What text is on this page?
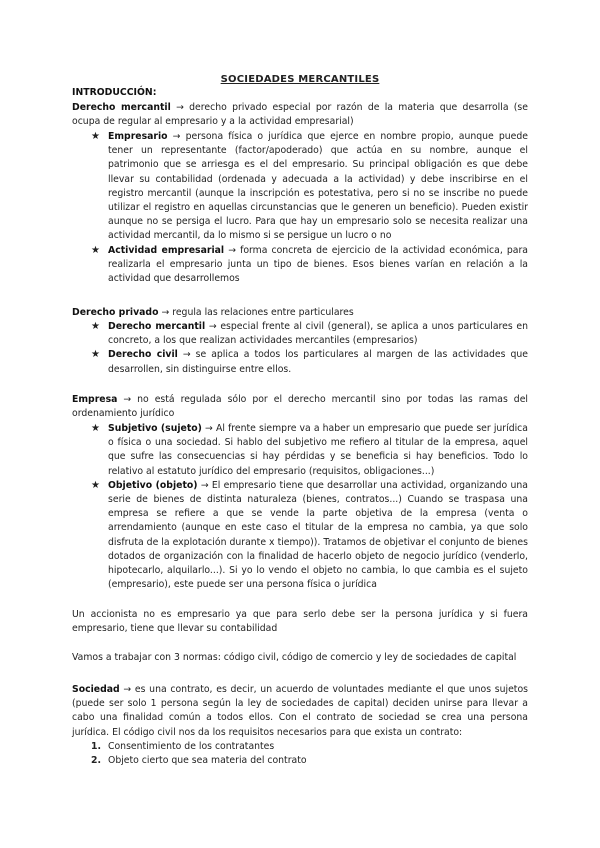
SOCIEDADES MERCANTILES
INTRODUCCIÓN:
Derecho mercantil → derecho privado especial por razón de la materia que desarrolla (se ocupa de regular al empresario y a la actividad empresarial)
★ Empresario → persona física o jurídica que ejerce en nombre propio, aunque puede tener un representante (factor/apoderado) que actúa en su nombre, aunque el patrimonio que se arriesga es el del empresario. Su principal obligación es que debe llevar su contabilidad (ordenada y adecuada a la actividad) y debe inscribirse en el registro mercantil (aunque la inscripción es potestativa, pero si no se inscribe no puede utilizar el registro en aquellas circunstancias que le generen un beneficio). Pueden existir aunque no se persiga el lucro. Para que hay un empresario solo se necesita realizar una actividad mercantil, da lo mismo si se persigue un lucro o no
★ Actividad empresarial → forma concreta de ejercicio de la actividad económica, para realizarla el empresario junta un tipo de bienes. Esos bienes varían en relación a la actividad que desarrollemos
Derecho privado → regula las relaciones entre particulares
★ Derecho mercantil → especial frente al civil (general), se aplica a unos particulares en concreto, a los que realizan actividades mercantiles (empresarios)
★ Derecho civil → se aplica a todos los particulares al margen de las actividades que desarrollen, sin distinguirse entre ellos.
Empresa → no está regulada sólo por el derecho mercantil sino por todas las ramas del ordenamiento jurídico
★ Subjetivo (sujeto) → Al frente siempre va a haber un empresario que puede ser jurídica o física o una sociedad. Si hablo del subjetivo me refiero al titular de la empresa, aquel que sufre las consecuencias si hay pérdidas y se beneficia si hay beneficios. Todo lo relativo al estatuto jurídico del empresario (requisitos, obligaciones...)
★ Objetivo (objeto) → El empresario tiene que desarrollar una actividad, organizando una serie de bienes de distinta naturaleza (bienes, contratos...) Cuando se traspasa una empresa se refiere a que se vende la parte objetiva de la empresa (venta o arrendamiento (aunque en este caso el titular de la empresa no cambia, ya que solo disfruta de la explotación durante x tiempo)). Tratamos de objetivar el conjunto de bienes dotados de organización con la finalidad de hacerlo objeto de negocio jurídico (venderlo, hipotecarlo, alquilarlo...). Si yo lo vendo el objeto no cambia, lo que cambia es el sujeto (empresario), este puede ser una persona física o jurídica
Un accionista no es empresario ya que para serlo debe ser la persona jurídica y si fuera empresario, tiene que llevar su contabilidad
Vamos a trabajar con 3 normas: código civil, código de comercio y ley de sociedades de capital
Sociedad → es una contrato, es decir, un acuerdo de voluntades mediante el que unos sujetos (puede ser solo 1 persona según la ley de sociedades de capital) deciden unirse para llevar a cabo una finalidad común a todos ellos. Con el contrato de sociedad se crea una persona jurídica. El código civil nos da los requisitos necesarios para que exista un contrato:
1. Consentimiento de los contratantes
2. Objeto cierto que sea materia del contrato
